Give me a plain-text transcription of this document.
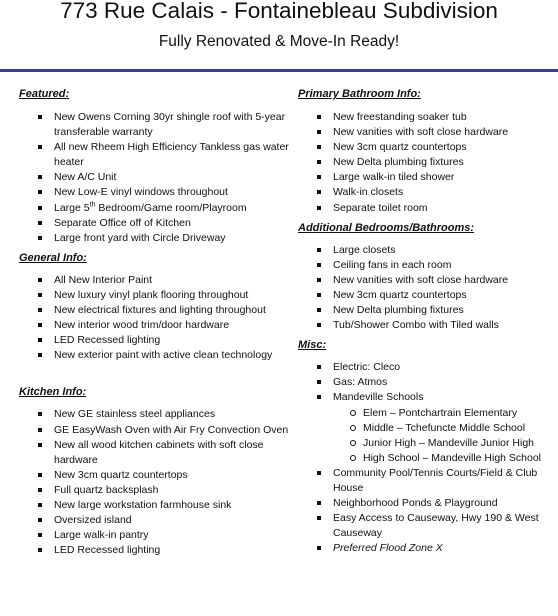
773 Rue Calais - Fontainebleau Subdivision
Fully Renovated & Move-In Ready!

Featured:

New Owens Corning 30yr shingle roof with 5-year transferable warranty
All new Rheem High Efficiency Tankless gas water heater
New A/C Unit
New Low-E vinyl windows throughout
Large 5th Bedroom/Game room/Playroom
Separate Office off of Kitchen
Large front yard with Circle Driveway

General Info:

All New Interior Paint
New luxury vinyl plank flooring throughout
New electrical fixtures and lighting throughout
New interior wood trim/door hardware
LED Recessed lighting
New exterior paint with active clean technology

Kitchen Info:

New GE stainless steel appliances
GE EasyWash Oven with Air Fry Convection Oven
New all wood kitchen cabinets with soft close hardware
New 3cm quartz countertops
Full quartz backsplash
New large workstation farmhouse sink
Oversized island
Large walk-in pantry
LED Recessed lighting

Primary Bathroom Info:

New freestanding soaker tub
New vanities with soft close hardware
New 3cm quartz countertops
New Delta plumbing fixtures
Large walk-in tiled shower
Walk-in closets
Separate toilet room

Additional Bedrooms/Bathrooms:

Large closets
Ceiling fans in each room
New vanities with soft close hardware
New 3cm quartz countertops
New Delta plumbing fixtures
Tub/Shower Combo with Tiled walls

Misc:

Electric: Cleco
Gas: Atmos
Mandeville Schools
Elem – Pontchartrain Elementary
Middle – Tchefuncte Middle School
Junior High – Mandeville Junior High
High School – Mandeville High School
Community Pool/Tennis Courts/Field & Club House
Neighborhood Ponds & Playground
Easy Access to Causeway, Hwy 190 & West Causeway
Preferred Flood Zone X
